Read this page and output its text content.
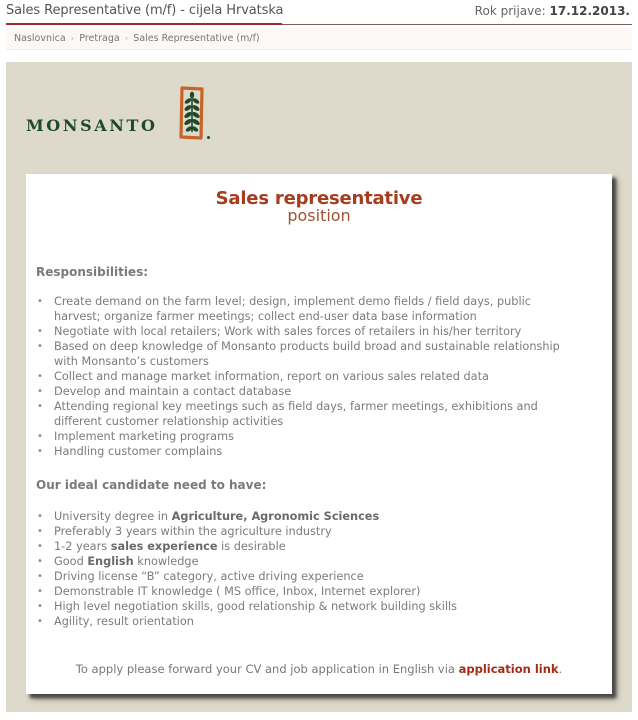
Sales Representative (m/f) - cijela Hrvatska	Rok prijave: 17.12.2013.
Naslovnica › Pretraga › Sales Representative (m/f)
MONSANTO
Sales representative
position
Responsibilities:
• Create demand on the farm level; design, implement demo fields / field days, public harvest; organize farmer meetings; collect end-user data base information
• Negotiate with local retailers; Work with sales forces of retailers in his/her territory
• Based on deep knowledge of Monsanto products build broad and sustainable relationship with Monsanto’s customers
• Collect and manage market information, report on various sales related data
• Develop and maintain a contact database
• Attending regional key meetings such as field days, farmer meetings, exhibitions and different customer relationship activities
• Implement marketing programs
• Handling customer complains
Our ideal candidate need to have:
• University degree in Agriculture, Agronomic Sciences
• Preferably 3 years within the agriculture industry
• 1-2 years sales experience is desirable
• Good English knowledge
• Driving license “B” category, active driving experience
• Demonstrable IT knowledge ( MS office, Inbox, Internet explorer)
• High level negotiation skills, good relationship & network building skills
• Agility, result orientation
To apply please forward your CV and job application in English via application link.
